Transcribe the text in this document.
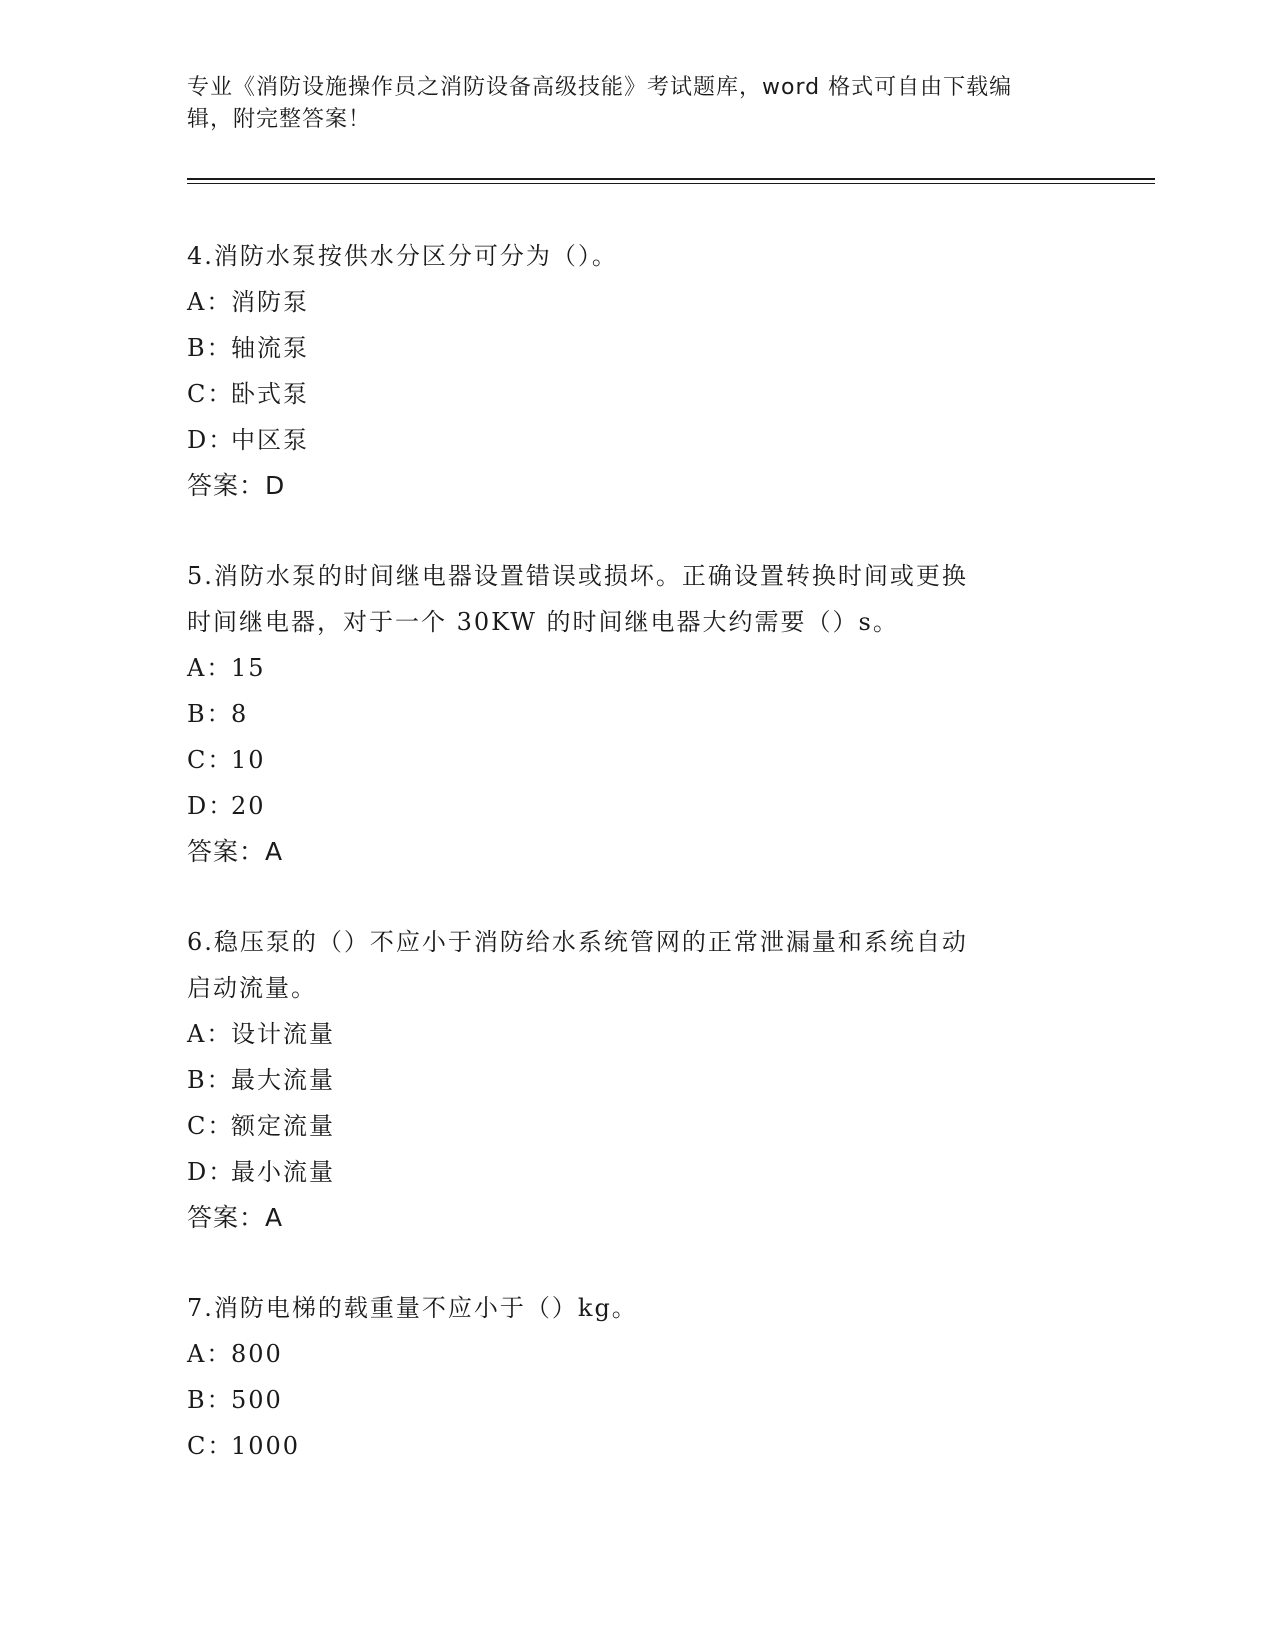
专业《消防设施操作员之消防设备高级技能》考试题库，word 格式可自由下载编
辑，附完整答案！
4.消防水泵按供水分区分可分为（）。
A：
消防泵
B：
轴流泵
C：
卧式泵
D：
中区泵
答案：D
5.消防水泵的时间继电器设置错误或损坏。正确设置转换时间或更换
时间继电器，对于一个 30KW 的时间继电器大约需要（）s。
A：
15
B：
8
C：
10
D：
20
答案：A
6.稳压泵的（）不应小于消防给水系统管网的正常泄漏量和系统自动
启动流量。
A：
设计流量
B：
最大流量
C：
额定流量
D：
最小流量
答案：A
7.消防电梯的载重量不应小于（）kg。
A：
800
B：
500
C：
1000
